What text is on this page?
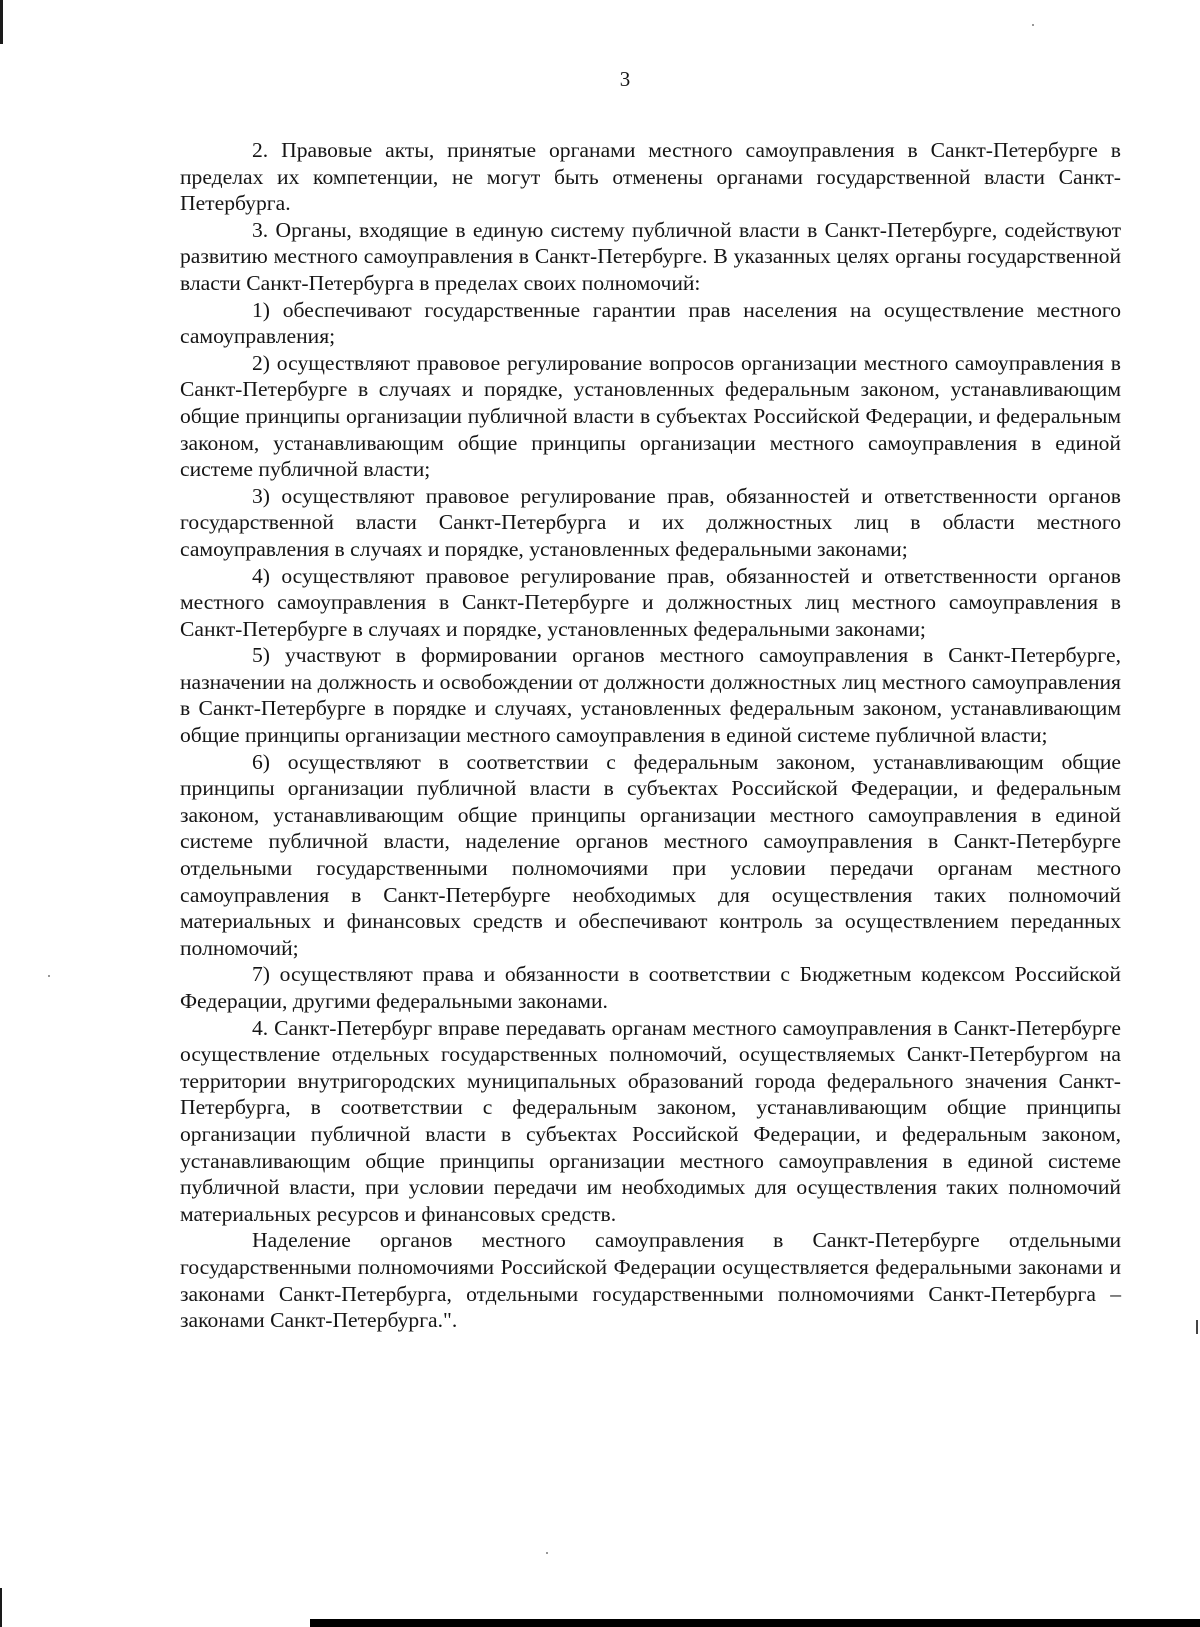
3

2. Правовые акты, принятые органами местного самоуправления в Санкт-Петербурге в пределах их компетенции, не могут быть отменены органами государственной власти Санкт-Петербурга.

3. Органы, входящие в единую систему публичной власти в Санкт-Петербурге, содействуют развитию местного самоуправления в Санкт-Петербурге. В указанных целях органы государственной власти Санкт-Петербурга в пределах своих полномочий:

1) обеспечивают государственные гарантии прав населения на осуществление местного самоуправления;

2) осуществляют правовое регулирование вопросов организации местного самоуправления в Санкт-Петербурге в случаях и порядке, установленных федеральным законом, устанавливающим общие принципы организации публичной власти в субъектах Российской Федерации, и федеральным законом, устанавливающим общие принципы организации местного самоуправления в единой системе публичной власти;

3) осуществляют правовое регулирование прав, обязанностей и ответственности органов государственной власти Санкт-Петербурга и их должностных лиц в области местного самоуправления в случаях и порядке, установленных федеральными законами;

4) осуществляют правовое регулирование прав, обязанностей и ответственности органов местного самоуправления в Санкт-Петербурге и должностных лиц местного самоуправления в Санкт-Петербурге в случаях и порядке, установленных федеральными законами;

5) участвуют в формировании органов местного самоуправления в Санкт-Петербурге, назначении на должность и освобождении от должности должностных лиц местного самоуправления в Санкт-Петербурге в порядке и случаях, установленных федеральным законом, устанавливающим общие принципы организации местного самоуправления в единой системе публичной власти;

6) осуществляют в соответствии с федеральным законом, устанавливающим общие принципы организации публичной власти в субъектах Российской Федерации, и федеральным законом, устанавливающим общие принципы организации местного самоуправления в единой системе публичной власти, наделение органов местного самоуправления в Санкт-Петербурге отдельными государственными полномочиями при условии передачи органам местного самоуправления в Санкт-Петербурге необходимых для осуществления таких полномочий материальных и финансовых средств и обеспечивают контроль за осуществлением переданных полномочий;

7) осуществляют права и обязанности в соответствии с Бюджетным кодексом Российской Федерации, другими федеральными законами.

4. Санкт-Петербург вправе передавать органам местного самоуправления в Санкт-Петербурге осуществление отдельных государственных полномочий, осуществляемых Санкт-Петербургом на территории внутригородских муниципальных образований города федерального значения Санкт-Петербурга, в соответствии с федеральным законом, устанавливающим общие принципы организации публичной власти в субъектах Российской Федерации, и федеральным законом, устанавливающим общие принципы организации местного самоуправления в единой системе публичной власти, при условии передачи им необходимых для осуществления таких полномочий материальных ресурсов и финансовых средств.

Наделение органов местного самоуправления в Санкт-Петербурге отдельными государственными полномочиями Российской Федерации осуществляется федеральными законами и законами Санкт-Петербурга, отдельными государственными полномочиями Санкт-Петербурга – законами Санкт-Петербурга.".
